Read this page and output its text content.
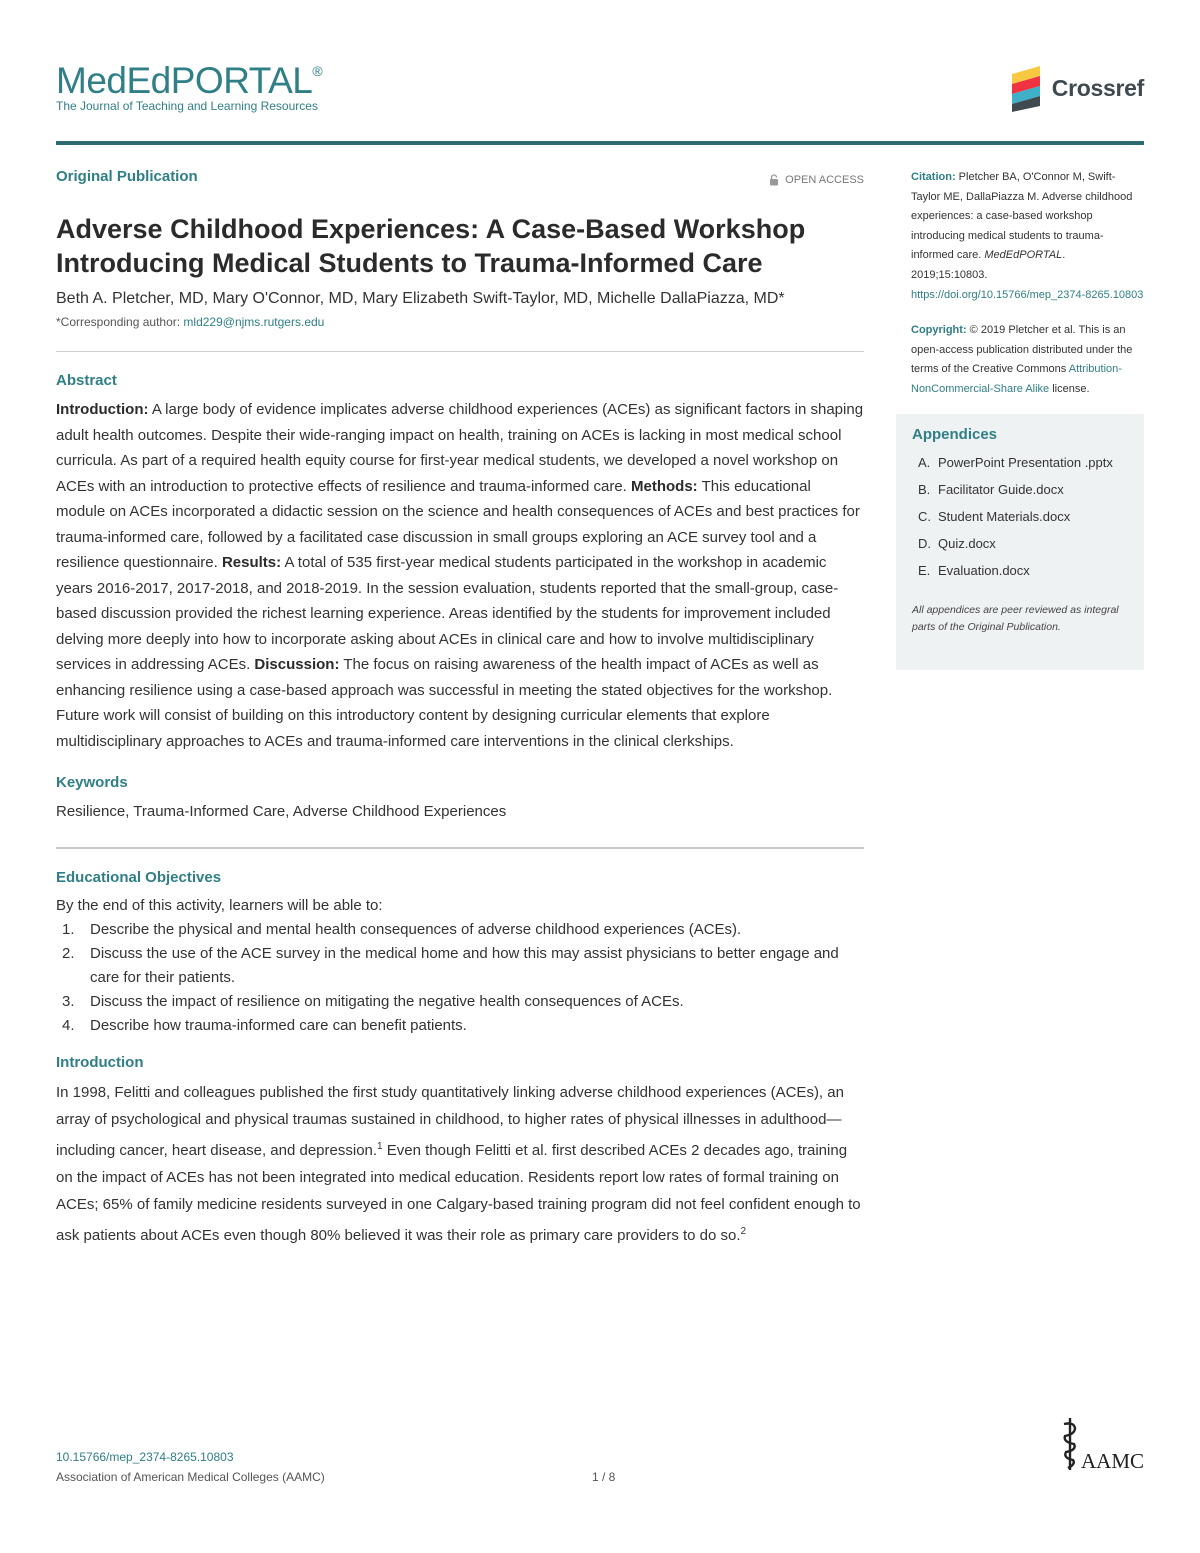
MedEdPORTAL®
The Journal of Teaching and Learning Resources
Crossref
Original Publication	OPEN ACCESS
Adverse Childhood Experiences: A Case-Based Workshop Introducing Medical Students to Trauma-Informed Care
Beth A. Pletcher, MD, Mary O'Connor, MD, Mary Elizabeth Swift-Taylor, MD, Michelle DallaPiazza, MD*
*Corresponding author: mld229@njms.rutgers.edu
Abstract

Introduction: A large body of evidence implicates adverse childhood experiences (ACEs) as significant factors in shaping adult health outcomes. Despite their wide-ranging impact on health, training on ACEs is lacking in most medical school curricula. As part of a required health equity course for first-year medical students, we developed a novel workshop on ACEs with an introduction to protective effects of resilience and trauma-informed care. Methods: This educational module on ACEs incorporated a didactic session on the science and health consequences of ACEs and best practices for trauma-informed care, followed by a facilitated case discussion in small groups exploring an ACE survey tool and a resilience questionnaire. Results: A total of 535 first-year medical students participated in the workshop in academic years 2016-2017, 2017-2018, and 2018-2019. In the session evaluation, students reported that the small-group, case-based discussion provided the richest learning experience. Areas identified by the students for improvement included delving more deeply into how to incorporate asking about ACEs in clinical care and how to involve multidisciplinary services in addressing ACEs. Discussion: The focus on raising awareness of the health impact of ACEs as well as enhancing resilience using a case-based approach was successful in meeting the stated objectives for the workshop. Future work will consist of building on this introductory content by designing curricular elements that explore multidisciplinary approaches to ACEs and trauma-informed care interventions in the clinical clerkships.

Keywords

Resilience, Trauma-Informed Care, Adverse Childhood Experiences

Educational Objectives

By the end of this activity, learners will be able to:

1. Describe the physical and mental health consequences of adverse childhood experiences (ACEs).
2. Discuss the use of the ACE survey in the medical home and how this may assist physicians to better engage and care for their patients.
3. Discuss the impact of resilience on mitigating the negative health consequences of ACEs.
4. Describe how trauma-informed care can benefit patients.
Introduction

In 1998, Felitti and colleagues published the first study quantitatively linking adverse childhood experiences (ACEs), an array of psychological and physical traumas sustained in childhood, to higher rates of physical illnesses in adulthood—including cancer, heart disease, and depression.$^1$ Even though Felitti et al. first described ACEs 2 decades ago, training on the impact of ACEs has not been integrated into medical education. Residents report low rates of formal training on ACEs; 65% of family medicine residents surveyed in one Calgary-based training program did not feel confident enough to ask patients about ACEs even though 80% believed it was their role as primary care providers to do so.$^2$

Citation: Pletcher BA, O'Connor M, Swift-Taylor ME, DallaPiazza M. Adverse childhood experiences: a case-based workshop introducing medical students to trauma-informed care. MedEdPORTAL. 2019;15:10803. https://doi.org/10.15766/mep_2374-8265.10803

Copyright: © 2019 Pletcher et al. This is an open-access publication distributed under the terms of the Creative Commons Attribution-NonCommercial-Share Alike license.

Appendices
A. PowerPoint Presentation .pptx
B. Facilitator Guide.docx
C. Student Materials.docx
D. Quiz.docx
E. Evaluation.docx

All appendices are peer reviewed as integral parts of the Original Publication.

10.15766/mep_2374-8265.10803
Association of American Medical Colleges (AAMC)	1 / 8
AAMC
